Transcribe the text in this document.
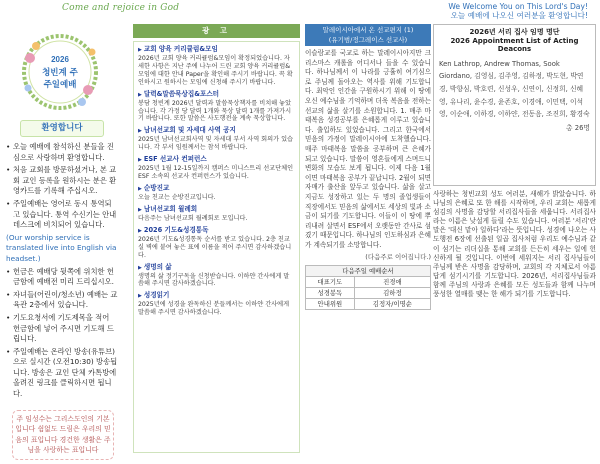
Come and rejoice in God	We Welcome You on This Lord's Day!
오늘 예배에 나오신 여러분을 환영합니다!
2026
청빈계 주
주일예배
환영합니다
• 오늘 예배에 참석하신 분들을 진심으로 사랑하며 환영합니다.
• 처음 교회를 방문하셨거나, 본 교회 교인 등록을 원하시는 분은 환영카드를 기록해 주십시오.
• 주일예배는 영어로 동시 통역되고 있습니다. 통역 수신기는 안내 데스크에 비치되어 있습니다.
(Our worship service is translated live into English via headset.)
• 헌금은 예배당 뒷쪽에 위치한 헌금함에 예배전 미리 드리십시오.
• 자녀들(어린이/청소년) 예배는 교육관 2층에서 있습니다.
• 기도요청서에 기도제목을 적어 헌금함에 넣어 주시면 기도해 드립니다.
• 주일예배는 온라인 방송(유튜브)으로 실시간 (오전10:30) 방송됩니다. 방송은 교인 단체 카톡방에 올려진 링크를 클릭하시면 됩니다.
주 임성수는 그리스도인의 기본입니다 쉼없도 드림은 우리의 믿음의 표입니다 경건한 생활은 주님을 사랑하는 표입니다
광 고
▶ 교회 양육 커리큘럼&모임
2026년 교회 양육 커리큘럼&모임이 확정되었습니다. 자세한 사항은 지난 주에 나누어 드린 교회 양육 커리큘럼&모임에 대한 안내 Paper을 확인해 주시기 바랍니다. 꼭 확인하시고 원하시는 모임에 신청해 주시기 바랍니다.
▶ 달력&말씀묵상집&포스터
봉담 청빈계 2026년 달력과 말씀묵상책자를 비치해 놓았습니다. 각 가정 당 달력 1개와 묵상 달력 1개를 가져가시기 바랍니다. 또한 말씀은 사도행전을 계속 묵상합니다.
▶ 남녀선교회 및 자세대 사역 공지
2025년 남녀선교회사역 및 자세대 부서 사역 회의가 있습니다. 각 부서 임원께서는 참석 바랍니다.
▶ ESF 선교사 컨퍼런스
2025년 1월 12-15일까지 캠퍼스 미니스트리 선교단체인 ESF 소속의 선교사 컨퍼런스가 있습니다.
▶ 순방진교
오늘 친교는 순방진교입니다.
▶ 남녀선교회 월례회
다음주는 남녀선교회 월례회로 모입니다.
▶ 2026 기도&성경통독
2026년 기도&성경통독 순서를 받고 있습니다. 2층 친교실 벽에 붙여 놓은 표에 이름을 적어 주시면 감사하겠습니다.
▶ 생명의 삶
생명의 삶 정기구독을 신청받습니다. 이하얀 간사에게 말씀해 주시면 감사하겠습니다.
▶ 성경읽기
2025년에 성경을 완독하신 분들께서는 이하얀 간사에게 말씀해 주시면 감사하겠습니다.
말레이시아에서 온 선교편지 (1)
(유기범/정그레이스 선교사)
이슬람교를 국교로 하는 말레이시아지만 크리스마스 캐롤을 어디서나 들을 수 있습니다. 하나님께서 이 나라를 긍휼히 여기심으로 주님께 돌아오는 역사를 위해 기도합니다. 최악인 인간을 구원하시기 위해 이 땅에 오신 예수님을 기억하며 더욱 복음을 전하는 선교의 삶을 살기를 소원합니다. 1. 매주 마태복음 성경공부를 은혜롭게 이루고 있습니다. 출입하도 있었습니다. 그리고 한국에서 믿음의 가정이 말레이시아에 도착했습니다. 매주 마태복음 말씀을 공부하며 큰 은혜가 되고 있습니다. 말씀이 영혼들에게 스며드니 변화의 모습도 보게 됩니다. 이제 다음 1월이면 마태복음 공부가 끝납니다. 2월이 되면 자매가 출산을 앞두고 있습니다. 삶을 살고 지금도 성장하고 있는 두 명의 졸업생들이 직장에서도 믿음의 삶에서도 세상의 빛과 소금이 되기를 기도합니다. 이들이 이 땅에 뿌리내려 살면서 ESF에서 오랫동안 간사로 섬겼기 때문입니다. 하나님의 인도하심과 은혜가 계속되기를 소망합니다.
(다음주로 이어집니다.)
다음주일 예배순서	
대표기도	진경애
성경봉독	김하정
안내위원	김정자/이명순
2026년 서리 집사 임명 명단
2026 Appointment List of Acting Deacons
Ken Lathrop, Andrew Thomas, Sook Giordano, 김영심, 김주영, 김하정, 박도현, 박연경, 박향심, 박호련, 신성우, 신연이, 신정희, 신혜영, 유나리, 윤수경, 윤존호, 이경애, 이민택, 이석영, 이순애, 이하경, 이하얀, 전동음, 조진희, 황경숙
총 26명
사랑하는 청빈교회 성도 여러분, 새해가 밝았습니다. 하나님의 은혜로 또 한 해를 시작하며, 우리 교회는 새롭게 섬김의 사명을 감당할 서리집사들을 세웁니다. 서리집사라는 이름은 낮설게 들릴 수도 있습니다. 여러분 '서리'란 말은 '대신 맡아 일하다'라는 뜻입니다. 성경에 나오는 사도행전 6장에 선출된 일곱 집사처럼 우리도 예수님과 같이 섬기는 리더십을 통해 교회를 든든히 세우는 일에 헌신하게 될 것입니다. 이번에 세워지는 서리 집사님들이 주님께 받은 사명을 감당하며, 교회의 각 지체로서 아름답게 섬기시기를 기도합니다. 2026년, 서리집사님들과 함께 주님의 사랑과 은혜를 모든 성도들과 함께 나누며 풍성한 열매를 맺는 한 해가 되기를 기도합니다.
